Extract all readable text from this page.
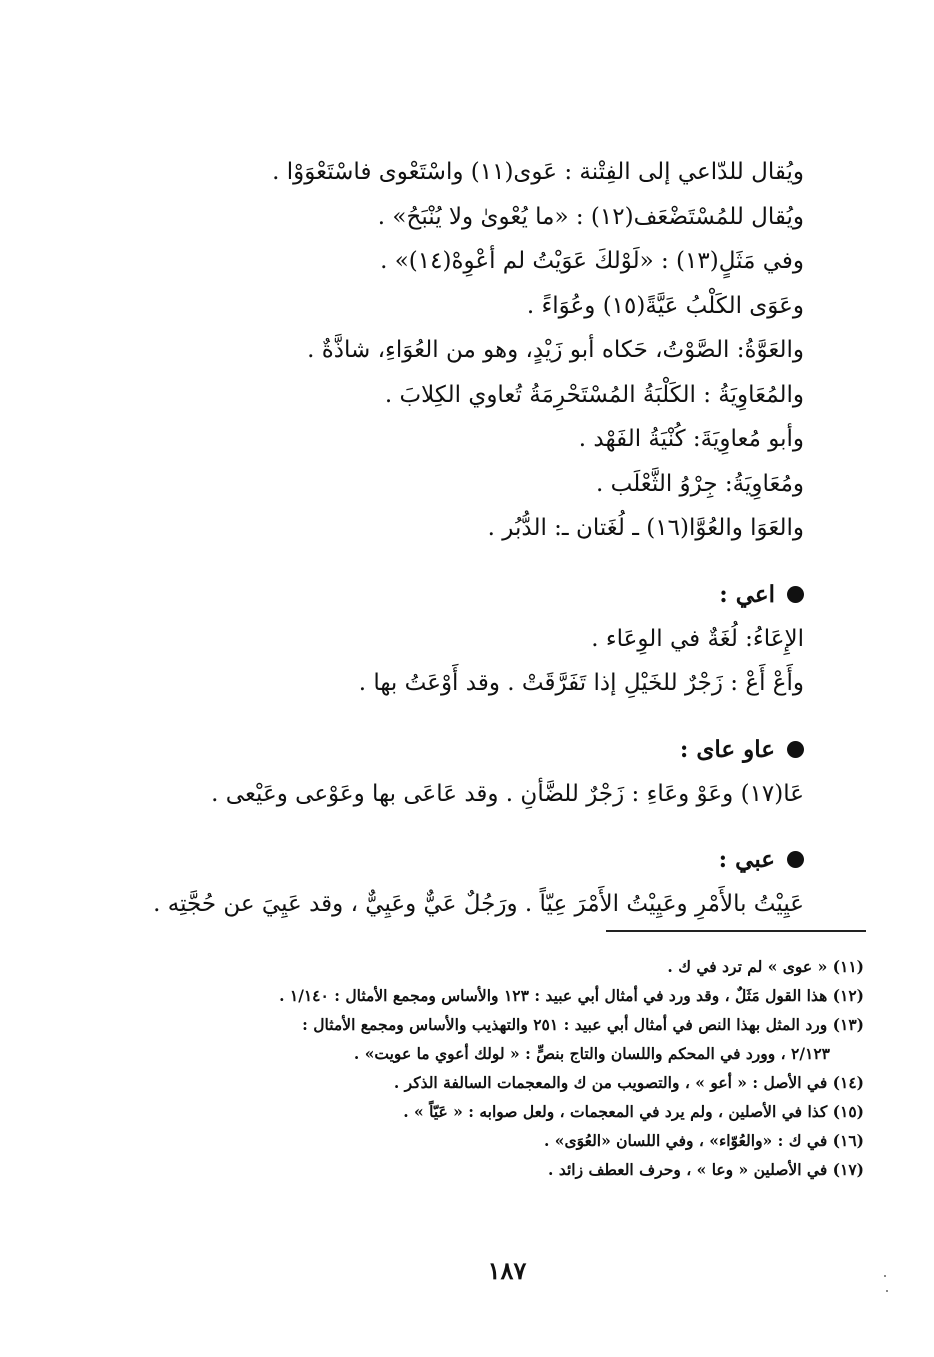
ويُقال للدّاعي إلى الفِتْنة : عَوى(١١) واسْتَعْوى فاسْتَعْوَوْا .
ويُقال للمُسْتَضْعَف(١٢) : «ما يُعْوىٰ ولا يُنْبَحُ» .
وفي مَثَلٍ(١٣) : «لَوْلكَ عَوَيْتُ لم أعْوِهْ(١٤)» .
وعَوَى الكَلْبُ عَيَّةً(١٥) وعُوَاءً .
والعَوَّةُ: الصَّوْتُ، حَكاه أبو زَيْدٍ، وهو من العُوَاءِ، شاذَّةٌ .
والمُعَاوِيَةُ : الكَلْبَةُ المُسْتَحْرِمَةُ تُعاوي الكِلابَ .
وأبو مُعاوِيَةَ: كُنْيَةُ الفَهْد .
ومُعَاوِيَةُ: جِرْوُ الثَّعْلَب .
والعَوَا والعُوَّا(١٦) ـ لُغَتان ـ: الدُّبُر .
اعي :
الإِعَاءُ: لُغَةٌ في الوِعَاء .
وأَعْ أَعْ : زَجْرٌ للخَيْلِ إذا تَفَرَّقَتْ . وقد أَوْعَتُ بها .
عاو عاى :
عَا(١٧) وعَوْ وعَاءِ : زَجْرٌ للضَّأنِ . وقد عَاعَى بها وعَوْعى وعَيْعى .
عبي :
عَيِيْتُ بالأَمْرِ وعَيِيْتُ الأَمْرَ عِيّاً . ورَجُلٌ عَيٌّ وعَيِيٌّ ، وقد عَيِيَ عن حُجَّتِه .
(١١) « عوى » لم ترد في ك .
(١٢) هذا القول مَثَلٌ ، وقد ورد في أمثال أبي عبيد : ١٢٣ والأساس ومجمع الأمثال : ١/١٤٠ .
(١٣) ورد المثل بهذا النص في أمثال أبي عبيد : ٢٥١ والتهذيب والأساس ومجمع الأمثال :
٢/١٢٣ ، وورد في المحكم واللسان والتاج بنصٍّ : « لولك أعوي ما عويت» .
(١٤) في الأصل : « أعو » ، والتصويب من ك والمعجمات السالفة الذكر .
(١٥) كذا في الأصلين ، ولم يرد في المعجمات ، ولعل صوابه : « عَيّاً » .
(١٦) في ك : «والعُوّاء» ، وفي اللسان «العُوَى» .
(١٧) في الأصلين « وعا » ، وحرف العطف زائد .
١٨٧
